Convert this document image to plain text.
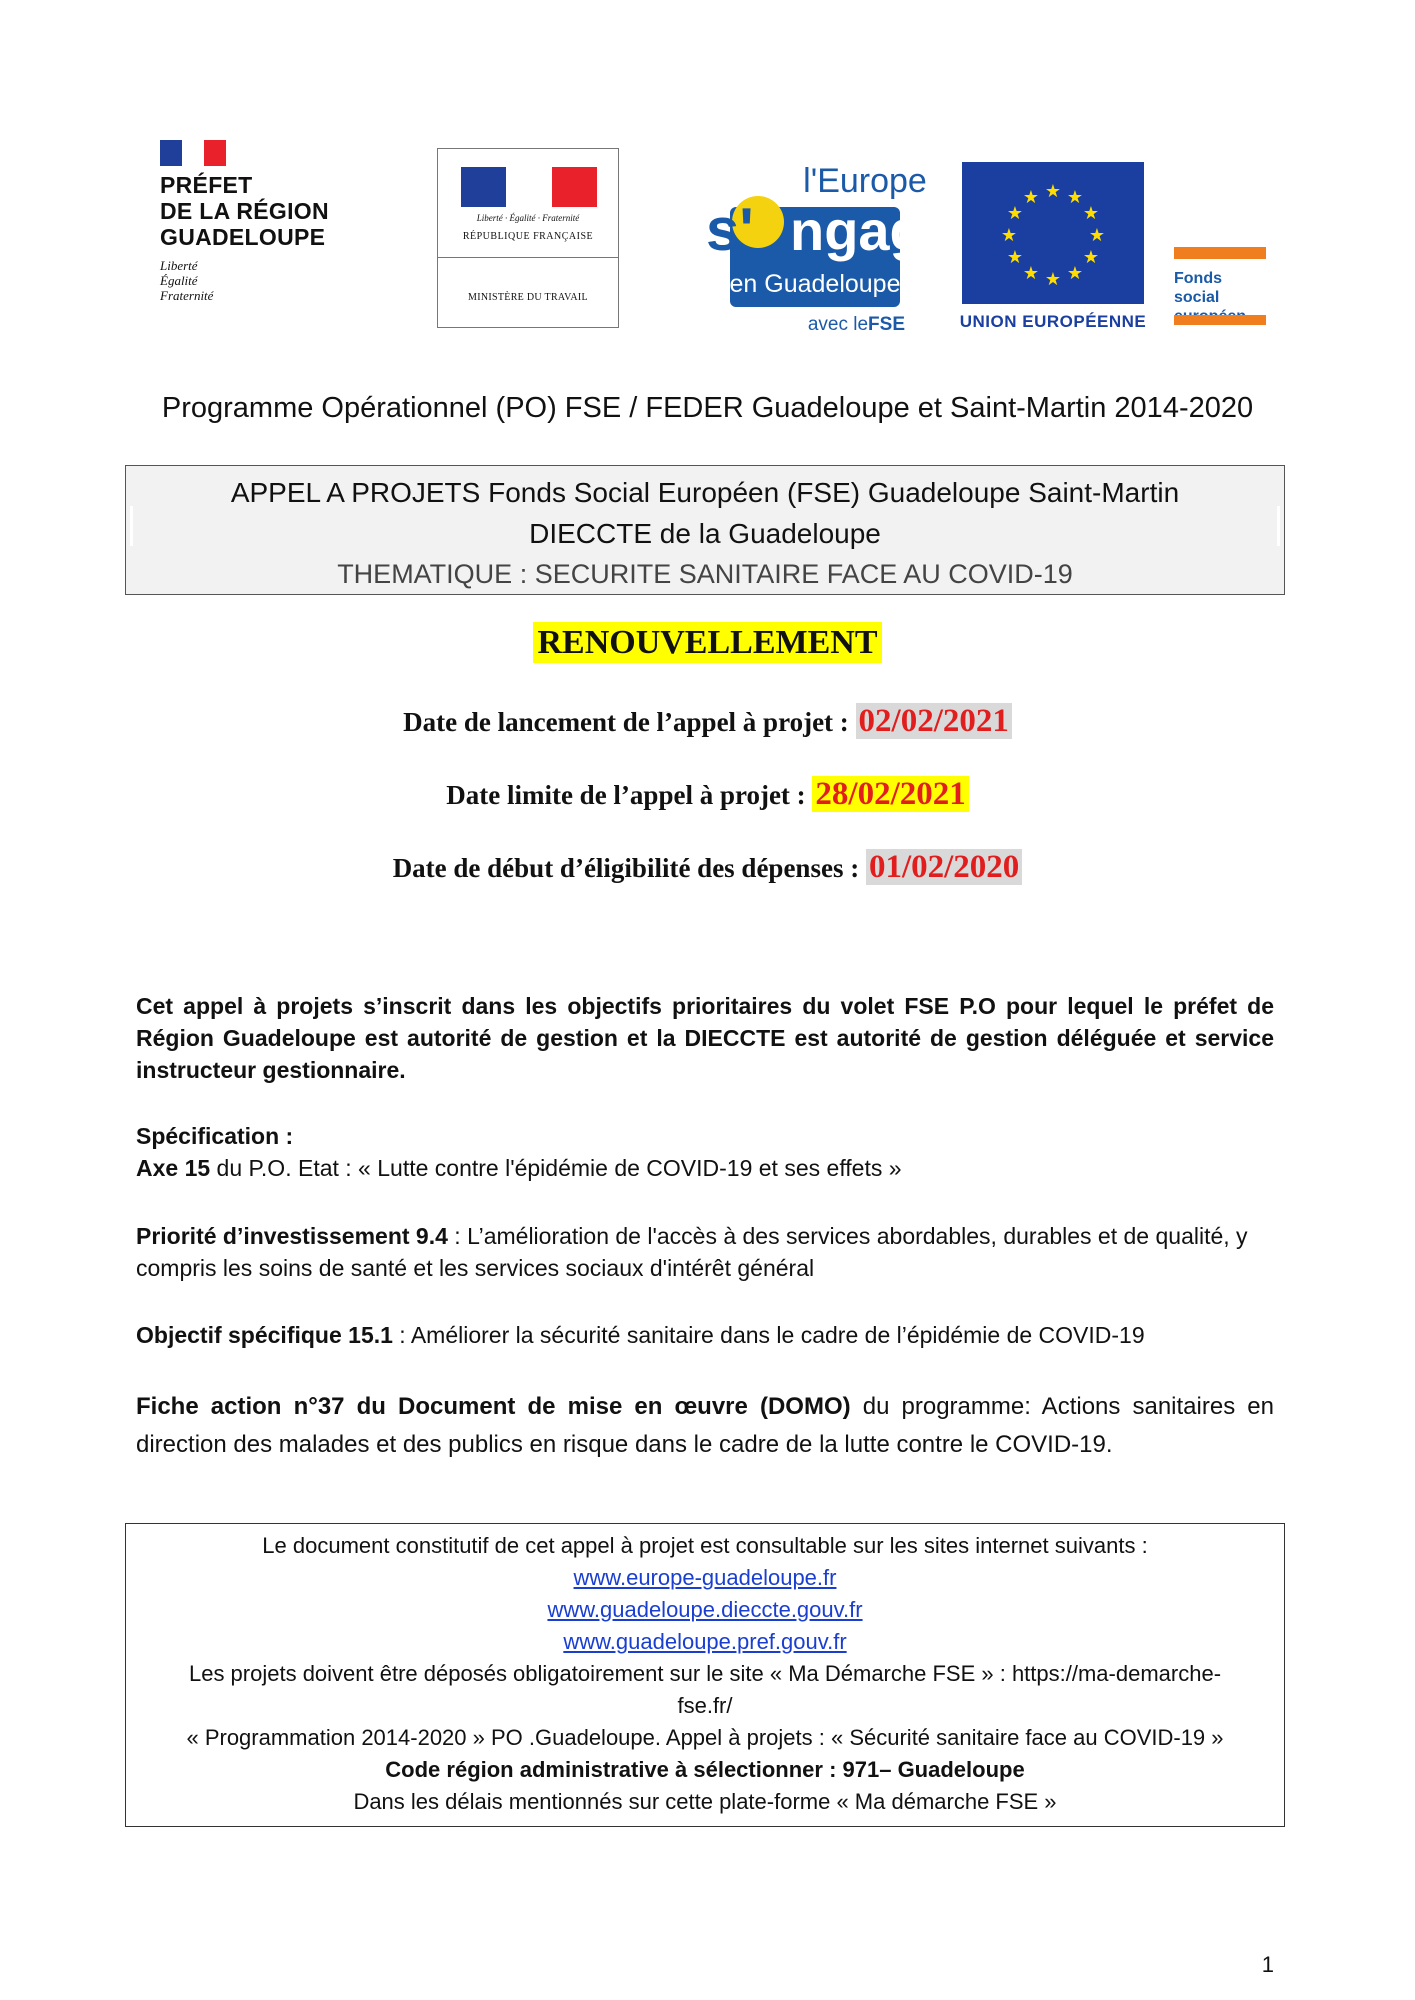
PRÉFET
DE LA RÉGION
GUADELOUPE
Liberté
Égalité
Fraternité
Liberté · Égalité · Fraternité
RÉPUBLIQUE FRANÇAISE
MINISTÈRE DU TRAVAIL
l'Europe
s' ngage
en Guadeloupe
avec le FSE
★ ★
★
★
★
★
★
★
★
★
★
★
UNION EUROPÉENNE
Fonds social
Programme Opérationnel (PO) FSE / FEDER Guadeloupe et Saint-Martin 2014-2020
APPEL A PROJETS Fonds Social Européen (FSE) Guadeloupe Saint-Martin
DIECCTE de la Guadeloupe
THEMATIQUE : SECURITE SANITAIRE FACE AU COVID-19
RENOUVELLEMENT
Date de lancement de l’appel à projet : 02/02/2021
Date limite de l’appel à projet : 28/02/2021
Date de début d’éligibilité des dépenses : 01/02/2020
Cet appel à projets s’inscrit dans les objectifs prioritaires du volet FSE P.O pour lequel le préfet de Région Guadeloupe est autorité de gestion et la DIECCTE est autorité de gestion déléguée et service instructeur gestionnaire.
Spécification :
Axe 15 du P.O. Etat : « Lutte contre l'épidémie de COVID-19 et ses effets »
Priorité d’investissement 9.4 : L’amélioration de l'accès à des services abordables, durables et de qualité, y compris les soins de santé et les services sociaux d'intérêt général
Objectif spécifique 15.1 : Améliorer la sécurité sanitaire dans le cadre de l’épidémie de COVID-19
Fiche action n°37 du Document de mise en œuvre (DOMO) du programme: Actions sanitaires en direction des malades et des publics en risque dans le cadre de la lutte contre le COVID-19.
Le document constitutif de cet appel à projet est consultable sur les sites internet suivants :
www.europe-guadeloupe.fr
www.guadeloupe.dieccte.gouv.fr
www.guadeloupe.pref.gouv.fr
Les projets doivent être déposés obligatoirement sur le site « Ma Démarche FSE » : https://ma-demarche-
fse.fr/
« Programmation 2014-2020 » PO .Guadeloupe. Appel à projets : « Sécurité sanitaire face au COVID-19 »
Code région administrative à sélectionner : 971– Guadeloupe
Dans les délais mentionnés sur cette plate-forme « Ma démarche FSE »
1
